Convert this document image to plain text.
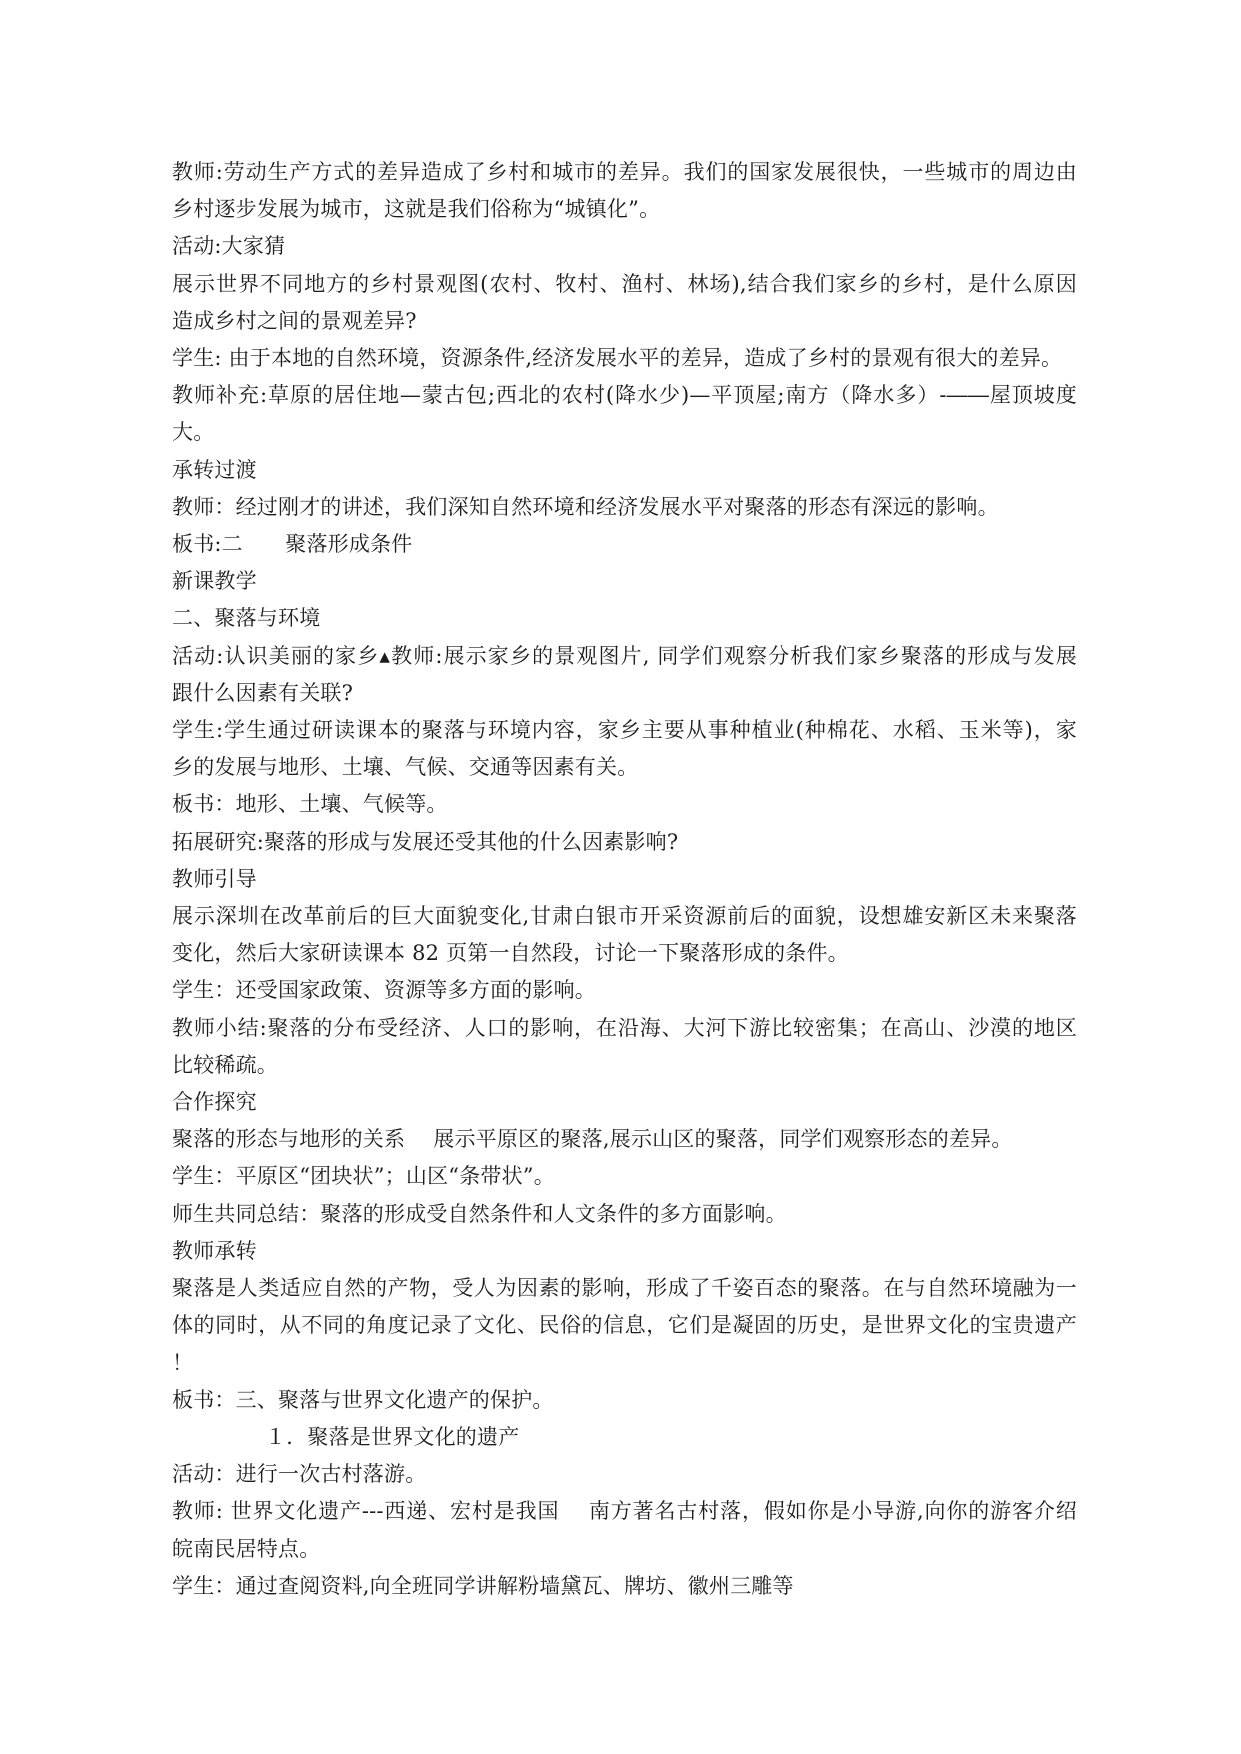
教师:劳动生产方式的差异造成了乡村和城市的差异。我们的国家发展很快，一些城市的周边由
乡村逐步发展为城市，这就是我们俗称为“城镇化”。
活动:大家猜
展示世界不同地方的乡村景观图(农村、牧村、渔村、林场),结合我们家乡的乡村，是什么原因
造成乡村之间的景观差异?
学生: 由于本地的自然环境，资源条件,经济发展水平的差异，造成了乡村的景观有很大的差异。
教师补充:草原的居住地—蒙古包;西北的农村(降水少)—平顶屋;南方（降水多）-――屋顶坡度
大。
承转过渡
教师：经过刚才的讲述，我们深知自然环境和经济发展水平对聚落的形态有深远的影响。
板书:二　　聚落形成条件
新课教学
二、聚落与环境
活动:认识美丽的家乡▴教师:展示家乡的景观图片, 同学们观察分析我们家乡聚落的形成与发展
跟什么因素有关联?
学生:学生通过研读课本的聚落与环境内容，家乡主要从事种植业(种棉花、水稻、玉米等)，家
乡的发展与地形、土壤、气候、交通等因素有关。
板书：地形、土壤、气候等。
拓展研究:聚落的形成与发展还受其他的什么因素影响?
教师引导
展示深圳在改革前后的巨大面貌变化,甘肃白银市开采资源前后的面貌，设想雄安新区未来聚落
变化，然后大家研读课本 82 页第一自然段，讨论一下聚落形成的条件。
学生：还受国家政策、资源等多方面的影响。
教师小结:聚落的分布受经济、人口的影响，在沿海、大河下游比较密集；在高山、沙漠的地区
比较稀疏。
合作探究
聚落的形态与地形的关系　 展示平原区的聚落,展示山区的聚落，同学们观察形态的差异。
学生：平原区“团块状”；山区“条带状”。
师生共同总结：聚落的形成受自然条件和人文条件的多方面影响。
教师承转
聚落是人类适应自然的产物，受人为因素的影响，形成了千姿百态的聚落。在与自然环境融为一
体的同时，从不同的角度记录了文化、民俗的信息，它们是凝固的历史，是世界文化的宝贵遗产
！
板书：三、聚落与世界文化遗产的保护。
１．聚落是世界文化的遗产
活动：进行一次古村落游。
教师: 世界文化遗产---西递、宏村是我国　 南方著名古村落，假如你是小导游,向你的游客介绍
皖南民居特点。
学生：通过查阅资料,向全班同学讲解粉墙黛瓦、牌坊、徽州三雕等
